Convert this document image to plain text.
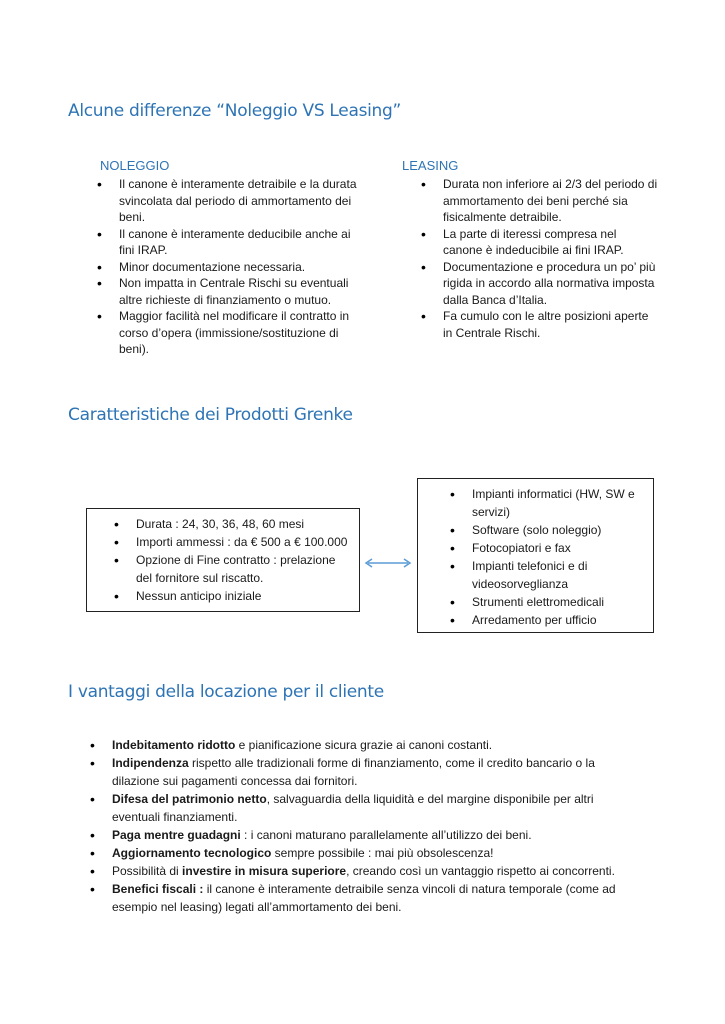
Alcune differenze “Noleggio VS Leasing”
NOLEGGIO
• Il canone è interamente detraibile e la durata svincolata dal periodo di ammortamento dei beni.
• Il canone è interamente deducibile anche ai fini IRAP.
• Minor documentazione necessaria.
• Non impatta in Centrale Rischi su eventuali altre richieste di finanziamento o mutuo.
• Maggior facilità nel modificare il contratto in corso d’opera (immissione/sostituzione di beni).
LEASING
• Durata non inferiore ai 2/3 del periodo di ammortamento dei beni perché sia fisicalmente detraibile.
• La parte di iteressi compresa nel canone è indeducibile ai fini IRAP.
• Documentazione e procedura un po’ più rigida in accordo alla normativa imposta dalla Banca d’Italia.
• Fa cumulo con le altre posizioni aperte in Centrale Rischi.
Caratteristiche dei Prodotti Grenke
• Durata : 24, 30, 36, 48, 60 mesi
• Importi ammessi : da € 500 a € 100.000
• Opzione di Fine contratto : prelazione del fornitore sul riscatto.
• Nessun anticipo iniziale
• Impianti informatici (HW, SW e servizi)
• Software (solo noleggio)
• Fotocopiatori e fax
• Impianti telefonici e di videosorveglianza
• Strumenti elettromedicali
• Arredamento per ufficio
I vantaggi della locazione per il cliente
• Indebitamento ridotto e pianificazione sicura grazie ai canoni costanti.
• Indipendenza rispetto alle tradizionali forme di finanziamento, come il credito bancario o la dilazione sui pagamenti concessa dai fornitori.
• Difesa del patrimonio netto, salvaguardia della liquidità e del margine disponibile per altri eventuali finanziamenti.
• Paga mentre guadagni : i canoni maturano parallelamente all’utilizzo dei beni.
• Aggiornamento tecnologico sempre possibile : mai più obsolescenza!
• Possibilità di investire in misura superiore, creando così un vantaggio rispetto ai concorrenti.
• Benefici fiscali : il canone è interamente detraibile senza vincoli di natura temporale (come ad esempio nel leasing) legati all’ammortamento dei beni.
